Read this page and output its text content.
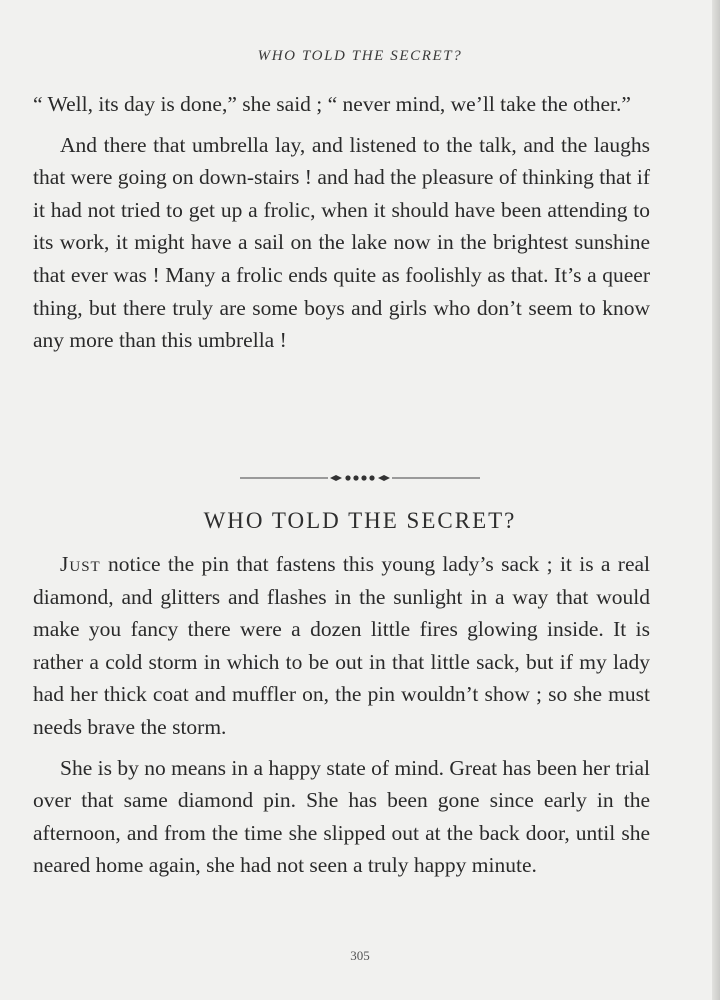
WHO TOLD THE SECRET?

“ Well, its day is done,” she said ; “ never mind, we’ll take the other.”

And there that umbrella lay, and listened to the talk, and the laughs that were going on down-stairs ! and had the pleasure of thinking that if it had not tried to get up a frolic, when it should have been attending to its work, it might have a sail on the lake now in the brightest sunshine that ever was ! Many a frolic ends quite as foolishly as that. It’s a queer thing, but there truly are some boys and girls who don’t seem to know any more than this umbrella !

WHO TOLD THE SECRET?

Just notice the pin that fastens this young lady’s sack ; it is a real diamond, and glitters and flashes in the sunlight in a way that would make you fancy there were a dozen little fires glowing inside. It is rather a cold storm in which to be out in that little sack, but if my lady had her thick coat and muffler on, the pin wouldn’t show ; so she must needs brave the storm.

She is by no means in a happy state of mind. Great has been her trial over that same diamond pin. She has been gone since early in the afternoon, and from the time she slipped out at the back door, until she neared home again, she had not seen a truly happy minute.

305
